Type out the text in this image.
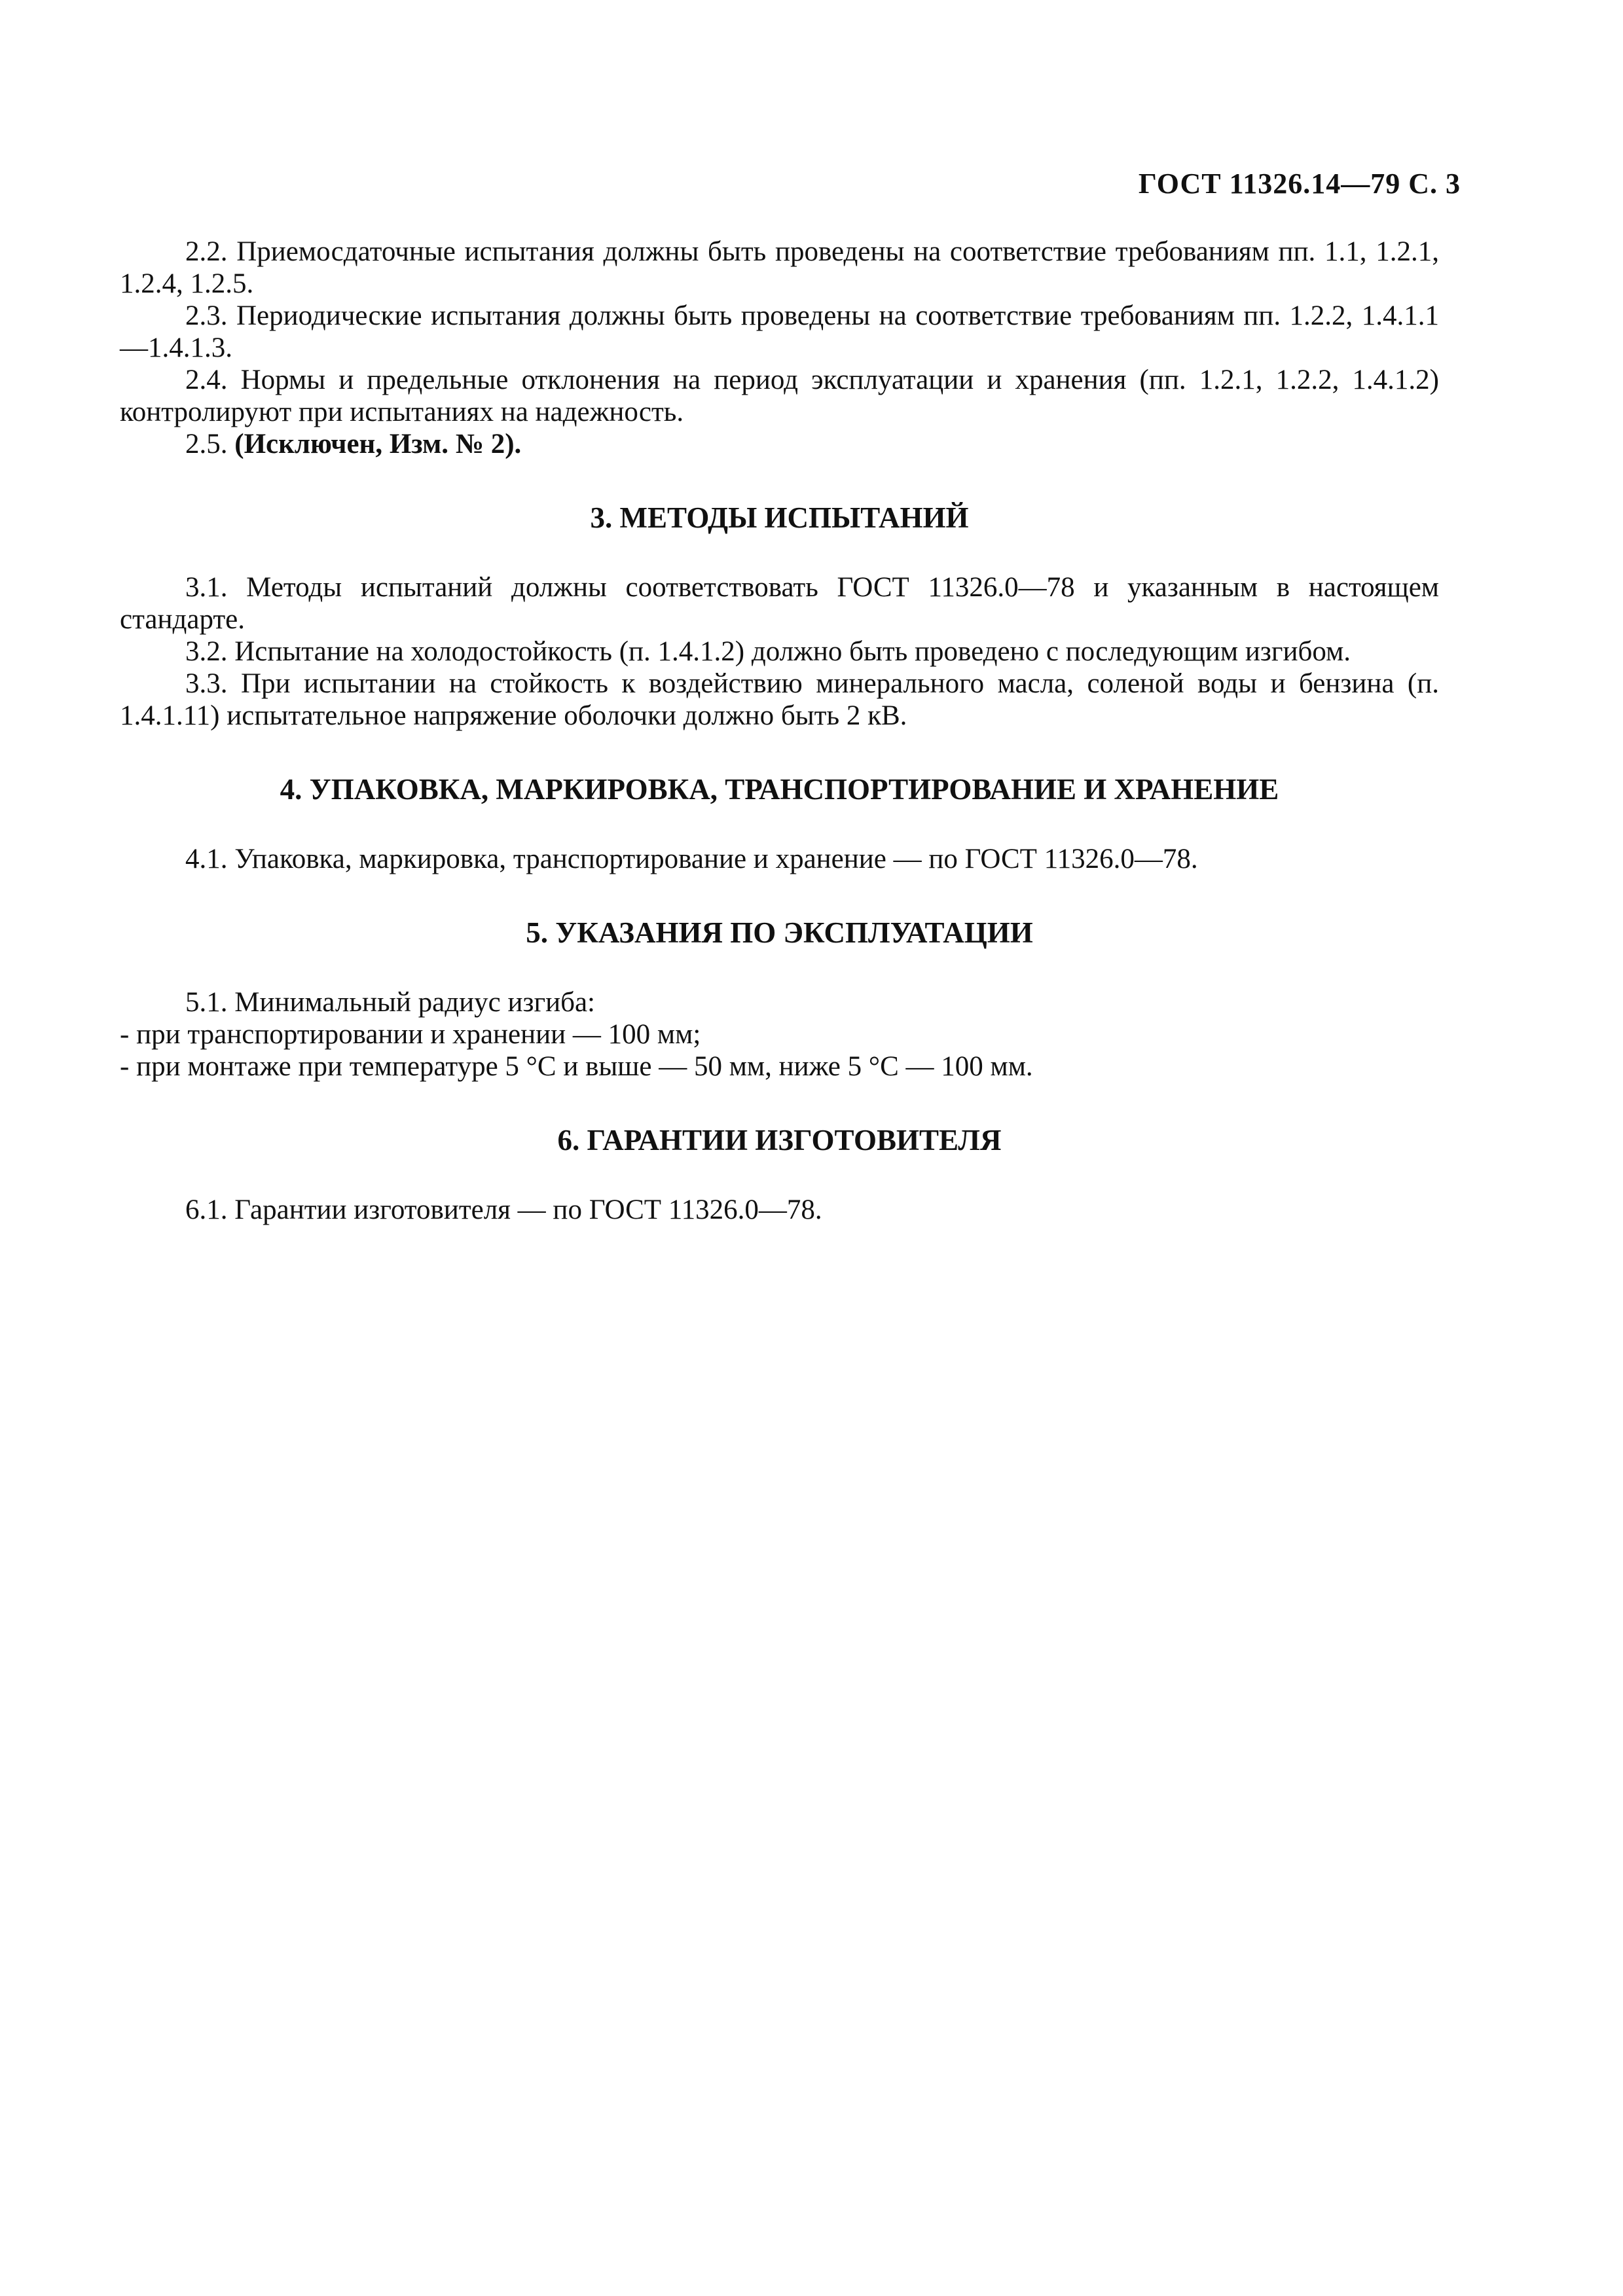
ГОСТ 11326.14—79 С. 3

2.2. Приемосдаточные испытания должны быть проведены на соответствие требованиям пп. 1.1, 1.2.1, 1.2.4, 1.2.5.

2.3. Периодические испытания должны быть проведены на соответствие требованиям пп. 1.2.2, 1.4.1.1—1.4.1.3.

2.4. Нормы и предельные отклонения на период эксплуатации и хранения (пп. 1.2.1, 1.2.2, 1.4.1.2) контролируют при испытаниях на надежность.

2.5. (Исключен, Изм. № 2).

3. МЕТОДЫ ИСПЫТАНИЙ

3.1. Методы испытаний должны соответствовать ГОСТ 11326.0—78 и указанным в настоящем стандарте.

3.2. Испытание на холодостойкость (п. 1.4.1.2) должно быть проведено с последующим изгибом.

3.3. При испытании на стойкость к воздействию минерального масла, соленой воды и бензина (п. 1.4.1.11) испытательное напряжение оболочки должно быть 2 кВ.

4. УПАКОВКА, МАРКИРОВКА, ТРАНСПОРТИРОВАНИЕ И ХРАНЕНИЕ

4.1. Упаковка, маркировка, транспортирование и хранение — по ГОСТ 11326.0—78.

5. УКАЗАНИЯ ПО ЭКСПЛУАТАЦИИ

5.1. Минимальный радиус изгиба:

- при транспортировании и хранении — 100 мм;

- при монтаже при температуре 5 °С и выше — 50 мм, ниже 5 °С — 100 мм.

6. ГАРАНТИИ ИЗГОТОВИТЕЛЯ

6.1. Гарантии изготовителя — по ГОСТ 11326.0—78.
